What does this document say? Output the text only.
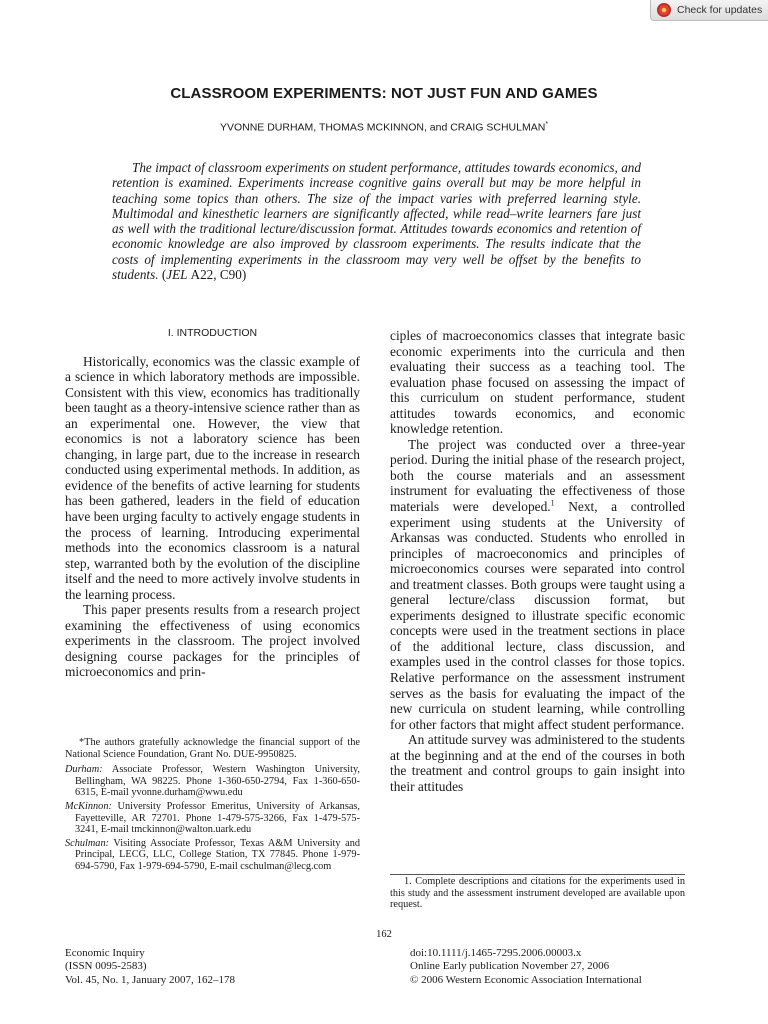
Check for updates
CLASSROOM EXPERIMENTS: NOT JUST FUN AND GAMES

YVONNE DURHAM, THOMAS MCKINNON, and CRAIG SCHULMAN*

The impact of classroom experiments on student performance, attitudes towards economics, and retention is examined. Experiments increase cognitive gains overall but may be more helpful in teaching some topics than others. The size of the impact varies with preferred learning style. Multimodal and kinesthetic learners are significantly affected, while read–write learners fare just as well with the traditional lecture/discussion format. Attitudes towards economics and retention of economic knowledge are also improved by classroom experiments. The results indicate that the costs of implementing experiments in the classroom may very well be offset by the benefits to students. (JEL A22, C90)

I. INTRODUCTION

Historically, economics was the classic example of a science in which laboratory methods are impossible. Consistent with this view, economics has traditionally been taught as a theory-intensive science rather than as an experimental one. However, the view that economics is not a laboratory science has been changing, in large part, due to the increase in research conducted using experimental methods. In addition, as evidence of the benefits of active learning for students has been gathered, leaders in the field of education have been urging faculty to actively engage students in the process of learning. Introducing experimental methods into the economics classroom is a natural step, warranted both by the evolution of the discipline itself and the need to more actively involve students in the learning process.

This paper presents results from a research project examining the effectiveness of using economics experiments in the classroom. The project involved designing course packages for the principles of microeconomics and prin-

ciples of macroeconomics classes that integrate basic economic experiments into the curricula and then evaluating their success as a teaching tool. The evaluation phase focused on assessing the impact of this curriculum on student performance, student attitudes towards economics, and economic knowledge retention.

The project was conducted over a three-year period. During the initial phase of the research project, both the course materials and an assessment instrument for evaluating the effectiveness of those materials were developed.$^1$ Next, a controlled experiment using students at the University of Arkansas was conducted. Students who enrolled in principles of macroeconomics and principles of microeconomics courses were separated into control and treatment classes. Both groups were taught using a general lecture/class discussion format, but experiments designed to illustrate specific economic concepts were used in the treatment sections in place of the additional lecture, class discussion, and examples used in the control classes for those topics. Relative performance on the assessment instrument serves as the basis for evaluating the impact of the new curricula on student learning, while controlling for other factors that might affect student performance.

An attitude survey was administered to the students at the beginning and at the end of the courses in both the treatment and control groups to gain insight into their attitudes

*The authors gratefully acknowledge the financial support of the National Science Foundation, Grant No. DUE-9950825.

Durham: Associate Professor, Western Washington University, Bellingham, WA 98225. Phone 1-360-650-2794, Fax 1-360-650-6315, E-mail yvonne.durham@wwu.edu

McKinnon: University Professor Emeritus, University of Arkansas, Fayetteville, AR 72701. Phone 1-479-575-3266, Fax 1-479-575-3241, E-mail tmckinnon@walton.uark.edu

Schulman: Visiting Associate Professor, Texas A&M University and Principal, LECG, LLC, College Station, TX 77845. Phone 1-979-694-5790, Fax 1-979-694-5790, E-mail cschulman@lecg.com

1. Complete descriptions and citations for the experiments used in this study and the assessment instrument developed are available upon request.

162

Economic Inquiry
(ISSN 0095-2583)
Vol. 45, No. 1, January 2007, 162–178
doi:10.1111/j.1465-7295.2006.00003.x
Online Early publication November 27, 2006
© 2006 Western Economic Association International
